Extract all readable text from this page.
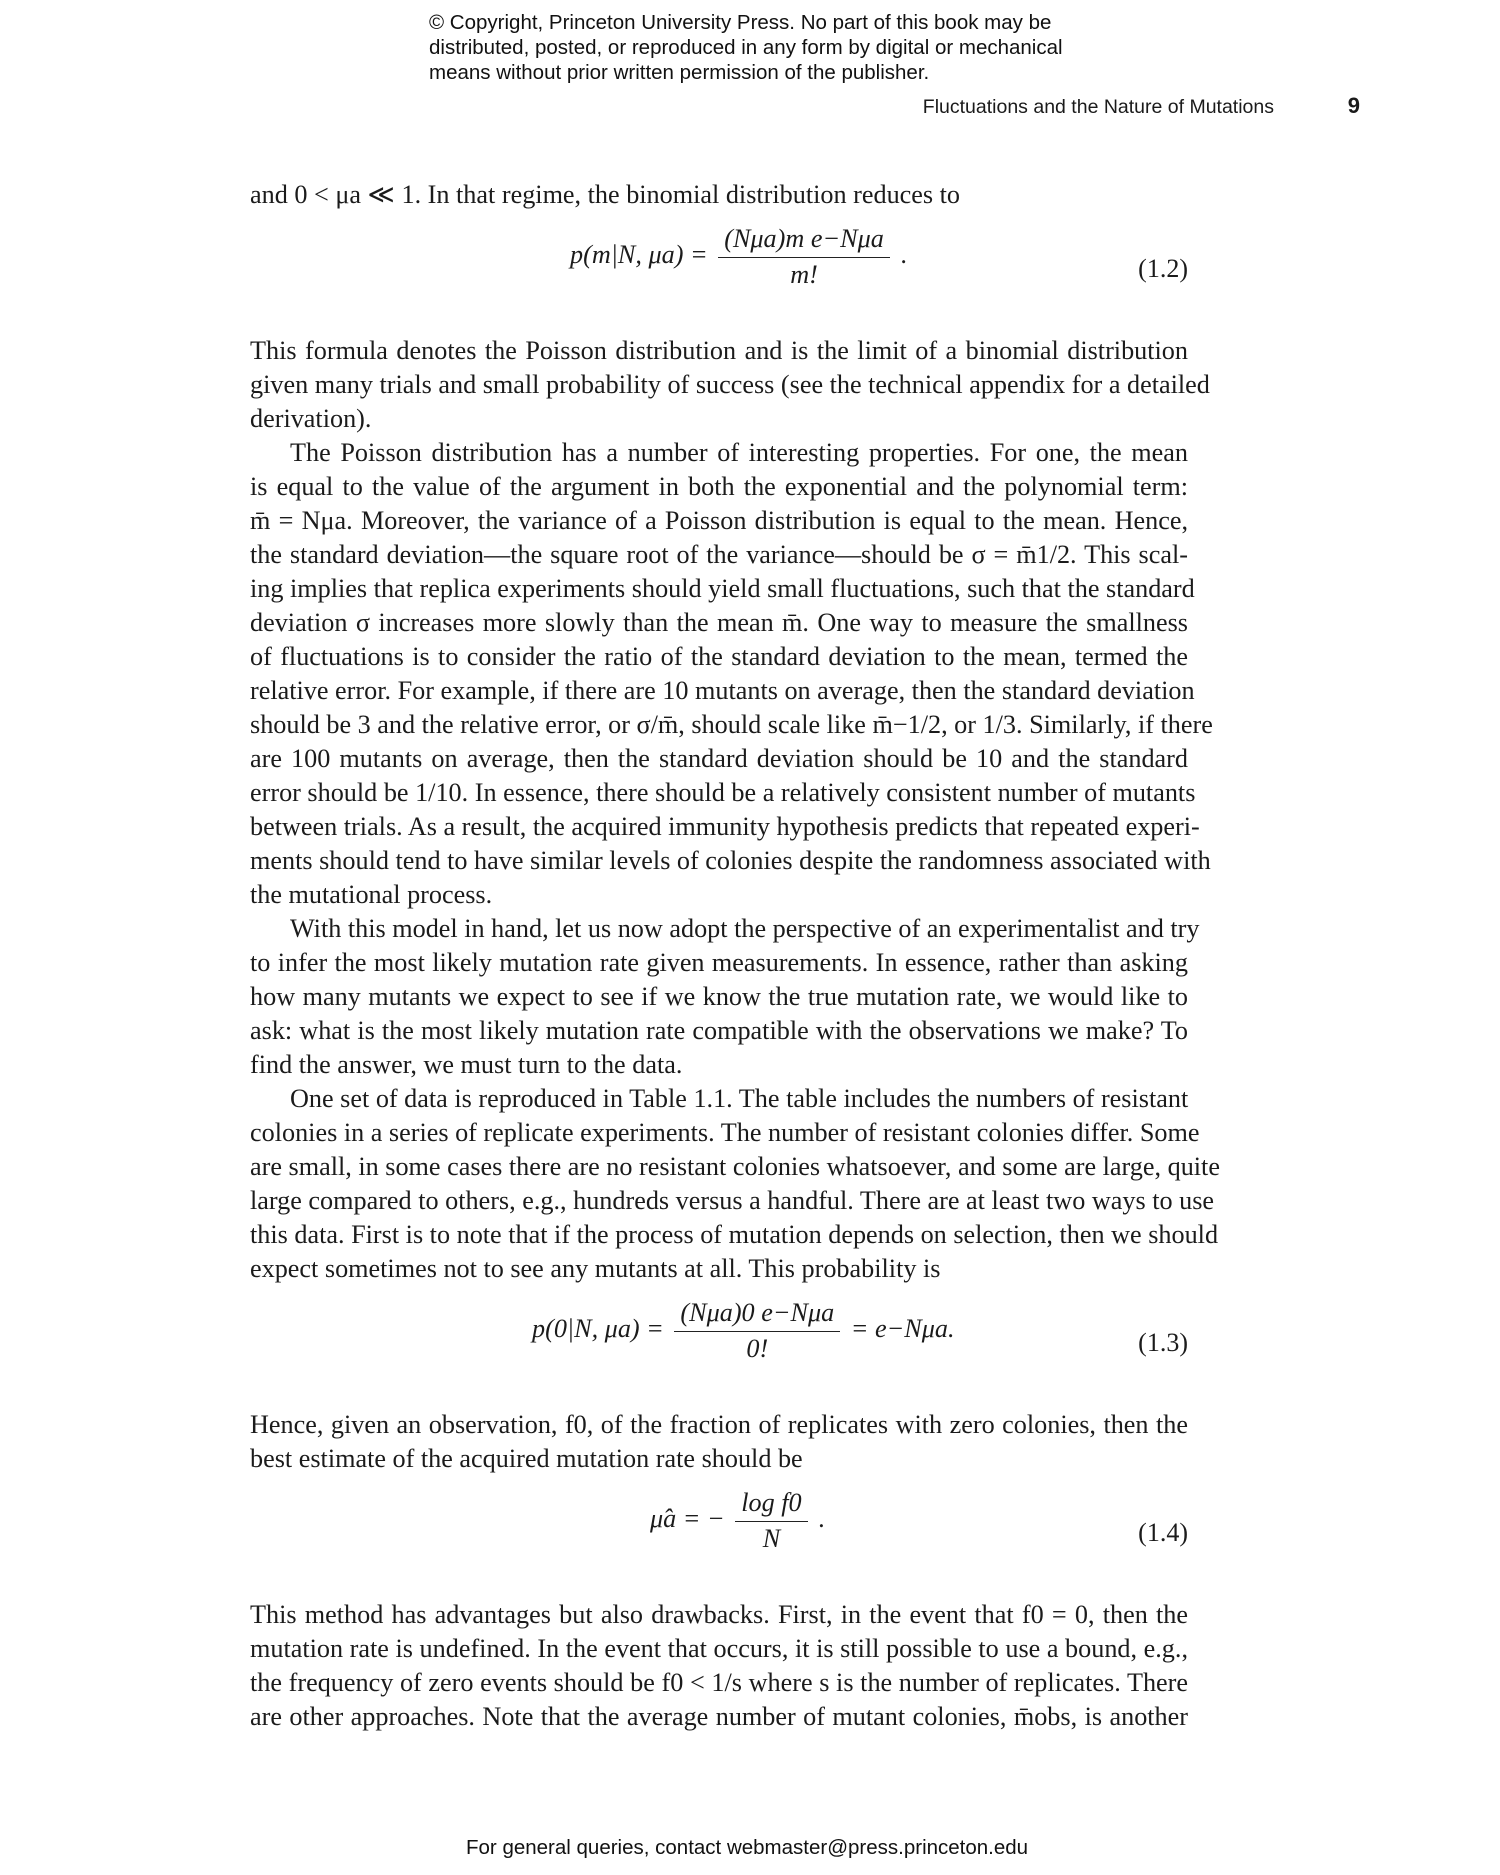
© Copyright, Princeton University Press. No part of this book may be
distributed, posted, or reproduced in any form by digital or mechanical
means without prior written permission of the publisher.
Fluctuations and the Nature of Mutations	9
and 0 < μa ≪ 1. In that regime, the binomial distribution reduces to
p(m|N, $\mu a) = \frac{\text{(Nμa)m e−Nμa}}{m!}$ .	(1.2)
This formula denotes the Poisson distribution and is the limit of a binomial distribution
given many trials and small probability of success (see the technical appendix for a detailed
derivation).
The Poisson distribution has a number of interesting properties. For one, the mean
is equal to the value of the argument in both the exponential and the polynomial term:
m̄ = Nμa. Moreover, the variance of a Poisson distribution is equal to the mean. Hence,
the standard deviation—the square root of the variance—should be σ = m̄1/2. This scal-
ing implies that replica experiments should yield small fluctuations, such that the standard
deviation σ increases more slowly than the mean m̄. One way to measure the smallness
of fluctuations is to consider the ratio of the standard deviation to the mean, termed the
relative error. For example, if there are 10 mutants on average, then the standard deviation
should be 3 and the relative error, or σ/m̄, should scale like m̄−1/2, or 1/3. Similarly, if there
are 100 mutants on average, then the standard deviation should be 10 and the standard
error should be 1/10. In essence, there should be a relatively consistent number of mutants
between trials. As a result, the acquired immunity hypothesis predicts that repeated experi-
ments should tend to have similar levels of colonies despite the randomness associated with
the mutational process.
With this model in hand, let us now adopt the perspective of an experimentalist and try
to infer the most likely mutation rate given measurements. In essence, rather than asking
how many mutants we expect to see if we know the true mutation rate, we would like to
ask: what is the most likely mutation rate compatible with the observations we make? To
find the answer, we must turn to the data.
One set of data is reproduced in Table 1.1. The table includes the numbers of resistant
colonies in a series of replicate experiments. The number of resistant colonies differ. Some
are small, in some cases there are no resistant colonies whatsoever, and some are large, quite
large compared to others, e.g., hundreds versus a handful. There are at least two ways to use
this data. First is to note that if the process of mutation depends on selection, then we should
expect sometimes not to see any mutants at all. This probability is
p(0|N, $\mu a) = \frac{\text{(Nμa)0 e−Nμa}}{0!} = e-N\mu a$.	(1.3)
Hence, given an observation, f0, of the fraction of replicates with zero colonies, then the
best estimate of the acquired mutation rate should be
μ̂a = − $\frac{\text{log f0}}{N}$ .	(1.4)
This method has advantages but also drawbacks. First, in the event that f0 = 0, then the
mutation rate is undefined. In the event that occurs, it is still possible to use a bound, e.g.,
the frequency of zero events should be f0 < 1/s where s is the number of replicates. There
are other approaches. Note that the average number of mutant colonies, m̄obs, is another
For general queries, contact webmaster@press.princeton.edu
